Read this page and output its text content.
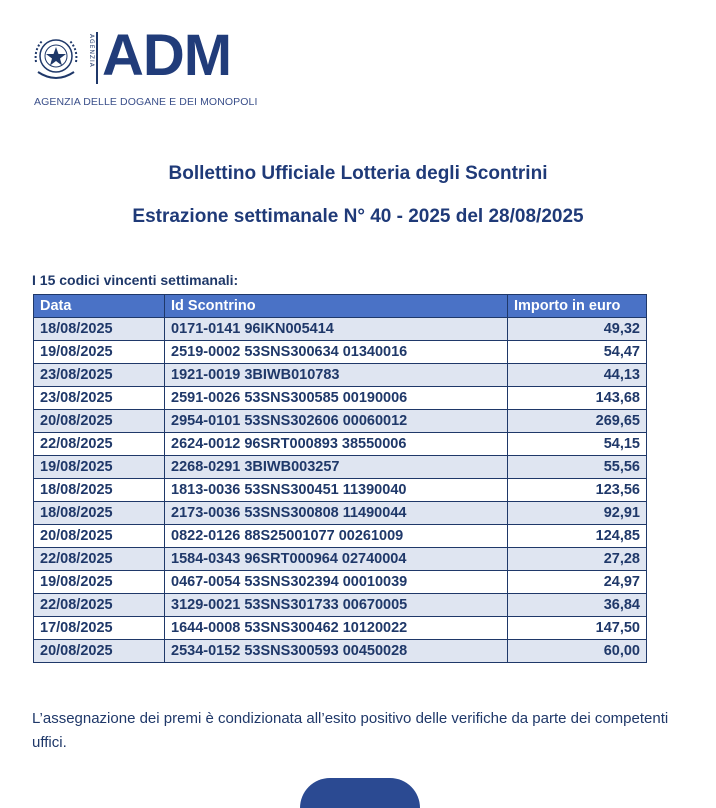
AGENZIA ADM
AGENZIA DELLE DOGANE E DEI MONOPOLI
Bollettino Ufficiale Lotteria degli Scontrini
Estrazione settimanale N° 40 - 2025 del 28/08/2025
I 15 codici vincenti settimanali:
Data	Id Scontrino	Importo in euro
18/08/2025	0171-0141 96IKN005414	49,32
19/08/2025	2519-0002 53SNS300634 01340016	54,47
23/08/2025	1921-0019 3BIWB010783	44,13
23/08/2025	2591-0026 53SNS300585 00190006	143,68
20/08/2025	2954-0101 53SNS302606 00060012	269,65
22/08/2025	2624-0012 96SRT000893 38550006	54,15
19/08/2025	2268-0291 3BIWB003257	55,56
18/08/2025	1813-0036 53SNS300451 11390040	123,56
18/08/2025	2173-0036 53SNS300808 11490044	92,91
20/08/2025	0822-0126 88S25001077 00261009	124,85
22/08/2025	1584-0343 96SRT000964 02740004	27,28
19/08/2025	0467-0054 53SNS302394 00010039	24,97
22/08/2025	3129-0021 53SNS301733 00670005	36,84
17/08/2025	1644-0008 53SNS300462 10120022	147,50
20/08/2025	2534-0152 53SNS300593 00450028	60,00
L’assegnazione dei premi è condizionata all’esito positivo delle verifiche da parte dei competenti uffici.
